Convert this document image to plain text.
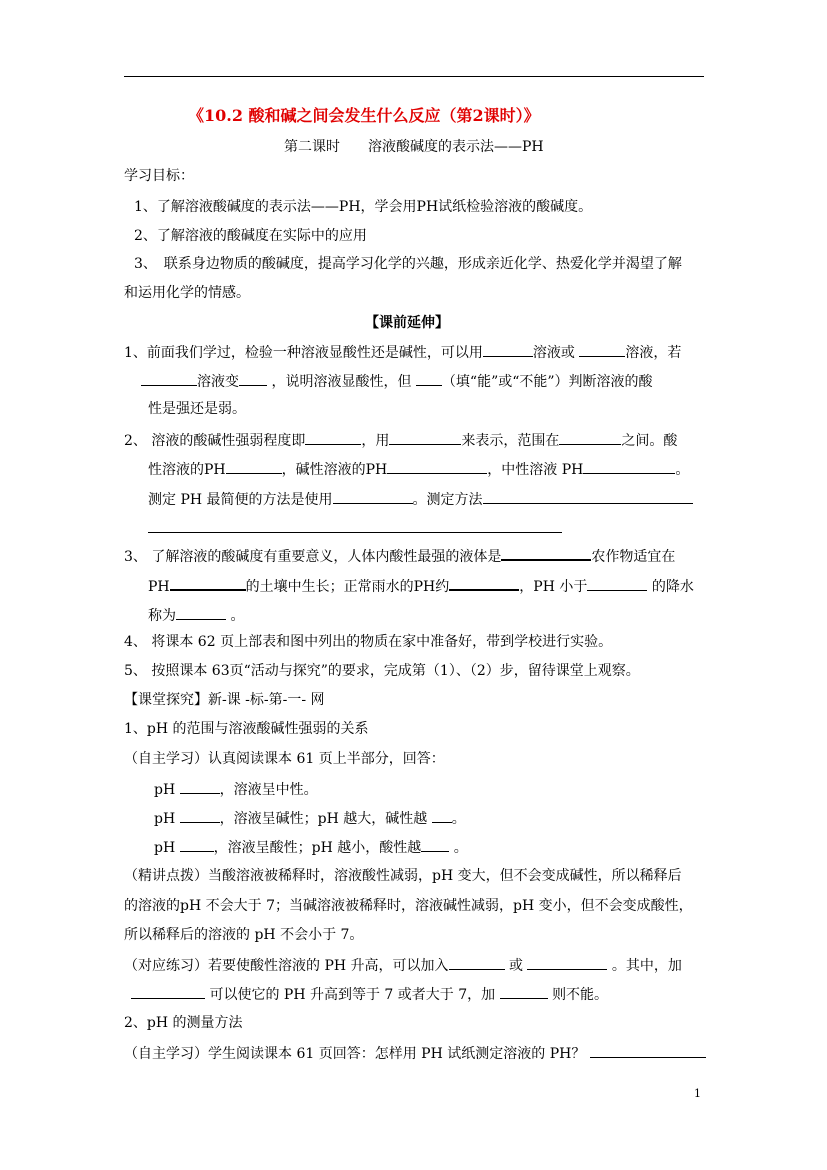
《10.2 酸和碱之间会发生什么反应（第2课时）》
第二课时　　溶液酸碱度的表示法——PH
学习目标：
1、了解溶液酸碱度的表示法——PH，学会用PH试纸检验溶液的酸碱度。
2、了解溶液的酸碱度在实际中的应用
3、　联系身边物质的酸碱度，提高学习化学的兴趣，形成亲近化学、热爱化学并渴望了解
和运用化学的情感。
【课前延伸】
1、前面我们学过，检验一种溶液显酸性还是碱性，可以用	溶液或	溶液，若
溶液变 ，说明溶液显酸性，但 （填“能”或“不能”）判断溶液的酸
性是强还是弱。
2、 溶液的酸碱性强弱程度即	，用	来表示，范围在	之间。酸
性溶液的PH	，碱性溶液的PH	，中性溶液 PH	。
测定 PH 最简便的方法是使用	。测定方法
3、 了解溶液的酸碱度有重要意义，人体内酸性最强的液体是	农作物适宜在
PH	的土壤中生长；正常雨水的PH约	，PH 小于	的降水
称为	。
4、 将课本 62 页上部表和图中列出的物质在家中准备好，带到学校进行实验。
5、 按照课本 63页“活动与探究”的要求，完成第（1）、（2）步，留待课堂上观察。
【课堂探究】新-课 -标-第-一- 网
1、pH 的范围与溶液酸碱性强弱的关系
（自主学习）认真阅读课本 61 页上半部分，回答：
pH	，溶液呈中性。
pH	，溶液呈碱性；pH 越大，碱性越 。
pH	，溶液呈酸性；pH 越小，酸性越 。
（精讲点拨）当酸溶液被稀释时，溶液酸性减弱，pH 变大，但不会变成碱性，所以稀释后
的溶液的pH 不会大于 7；当碱溶液被稀释时，溶液碱性减弱，pH 变小，但不会变成酸性，
所以稀释后的溶液的 pH 不会小于 7。
（对应练习）若要使酸性溶液的 PH 升高，可以加入	或	。其中，加
可以使它的 PH 升高到等于 7 或者大于 7，加	则不能。
2、pH 的测量方法
（自主学习）学生阅读课本 61 页回答：怎样用 PH 试纸测定溶液的 PH？
1
